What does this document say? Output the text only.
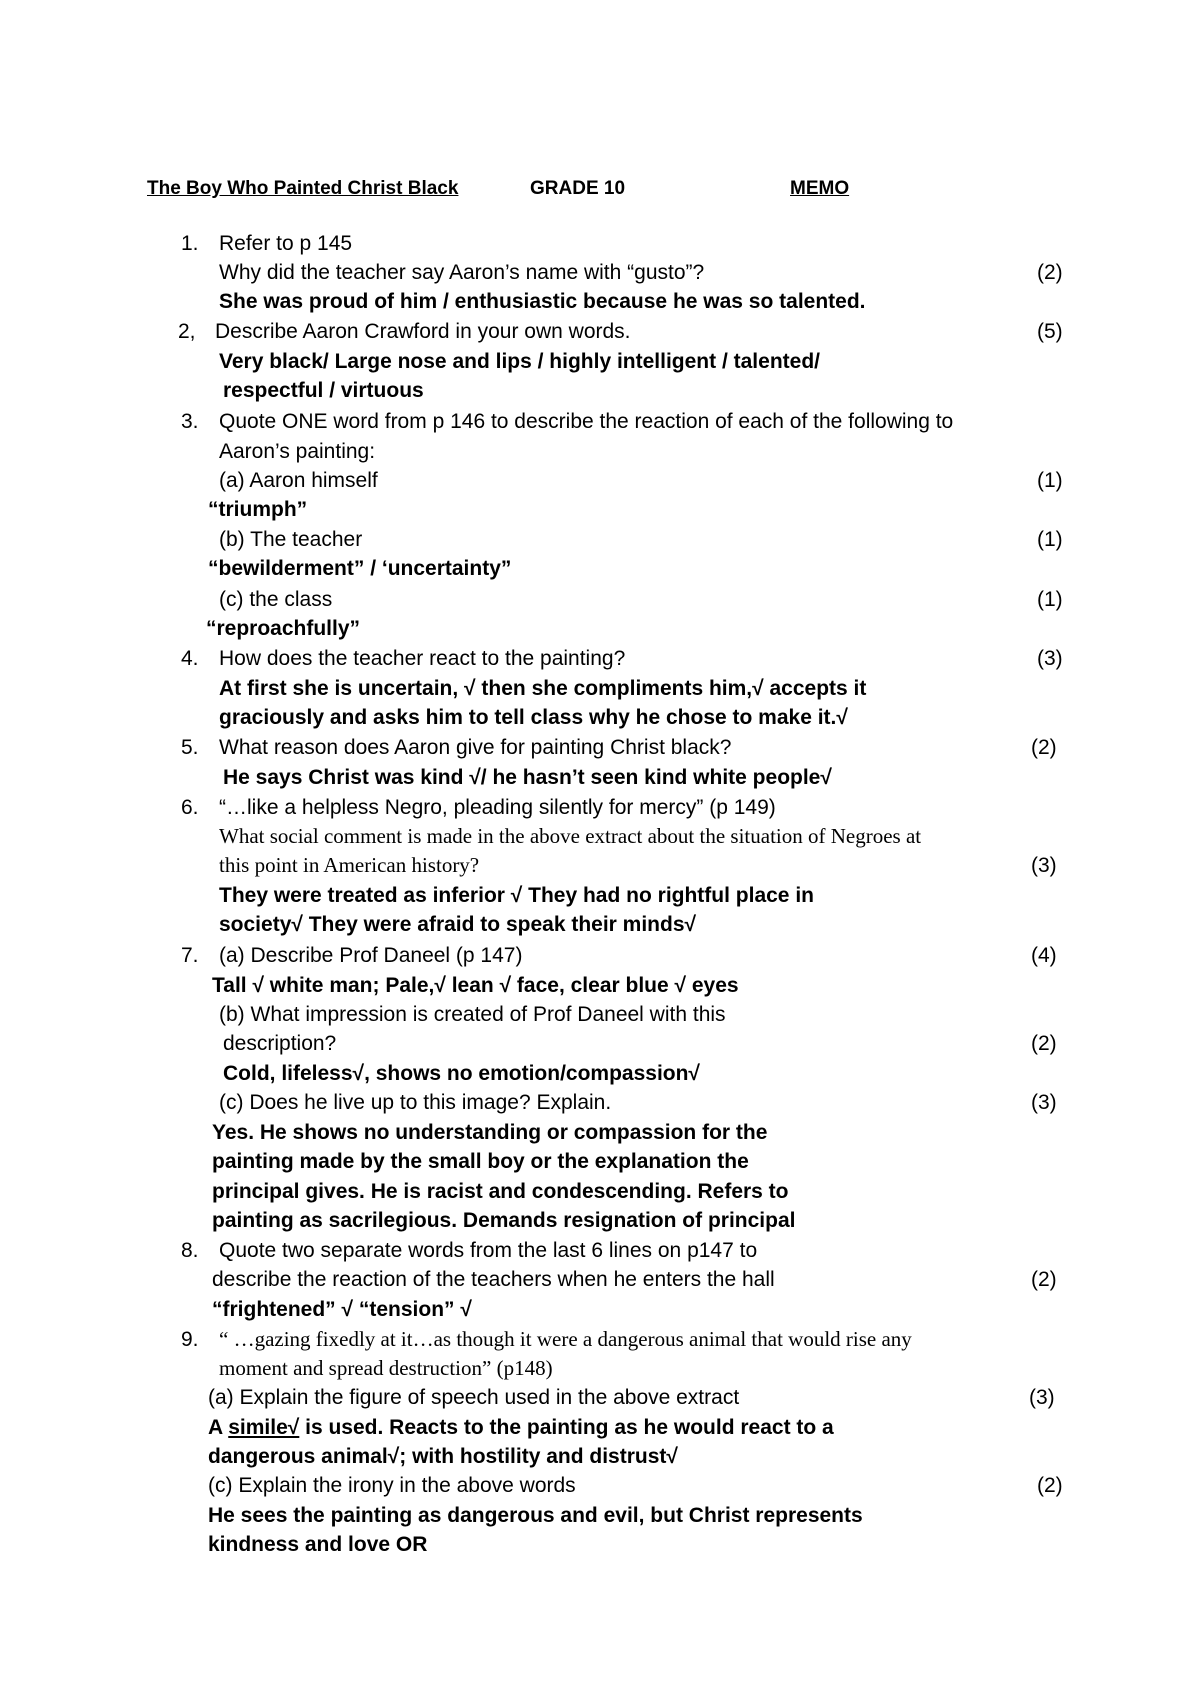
The Boy Who Painted Christ Black	GRADE 10	MEMO
1. Refer to p 145
Why did the teacher say Aaron’s name with “gusto”?	(2)
She was proud of him / enthusiastic because he was so talented.
2, Describe Aaron Crawford in your own words.	(5)
Very black/ Large nose and lips / highly intelligent / talented/
respectful / virtuous
3. Quote ONE word from p 146 to describe the reaction of each of the following to
Aaron’s painting:
(a) Aaron himself	(1)
“triumph”
(b) The teacher	(1)
“bewilderment” / ‘uncertainty”
(c) the class	(1)
“reproachfully”
4. How does the teacher react to the painting?	(3)
At first she is uncertain, √ then she compliments him,√ accepts it
graciously and asks him to tell class why he chose to make it.√
5. What reason does Aaron give for painting Christ black?	(2)
He says Christ was kind √/ he hasn’t seen kind white people√
6. “…like a helpless Negro, pleading silently for mercy” (p 149)
What social comment is made in the above extract about the situation of Negroes at
this point in American history?	(3)
They were treated as inferior √ They had no rightful place in
society√ They were afraid to speak their minds√
7. (a) Describe Prof Daneel (p 147)	(4)
Tall √ white man; Pale,√ lean √ face, clear blue √ eyes
(b) What impression is created of Prof Daneel with this
description?	(2)
Cold, lifeless√, shows no emotion/compassion√
(c) Does he live up to this image? Explain.	(3)
Yes. He shows no understanding or compassion for the
painting made by the small boy or the explanation the
principal gives. He is racist and condescending. Refers to
painting as sacrilegious. Demands resignation of principal
8. Quote two separate words from the last 6 lines on p147 to
describe the reaction of the teachers when he enters the hall	(2)
“frightened” √ “tension” √
9. “ …gazing fixedly at it…as though it were a dangerous animal that would rise any
moment and spread destruction” (p148)
(a) Explain the figure of speech used in the above extract	(3)
A simile√ is used. Reacts to the painting as he would react to a
dangerous animal√; with hostility and distrust√
(c) Explain the irony in the above words	(2)
He sees the painting as dangerous and evil, but Christ represents
kindness and love OR
